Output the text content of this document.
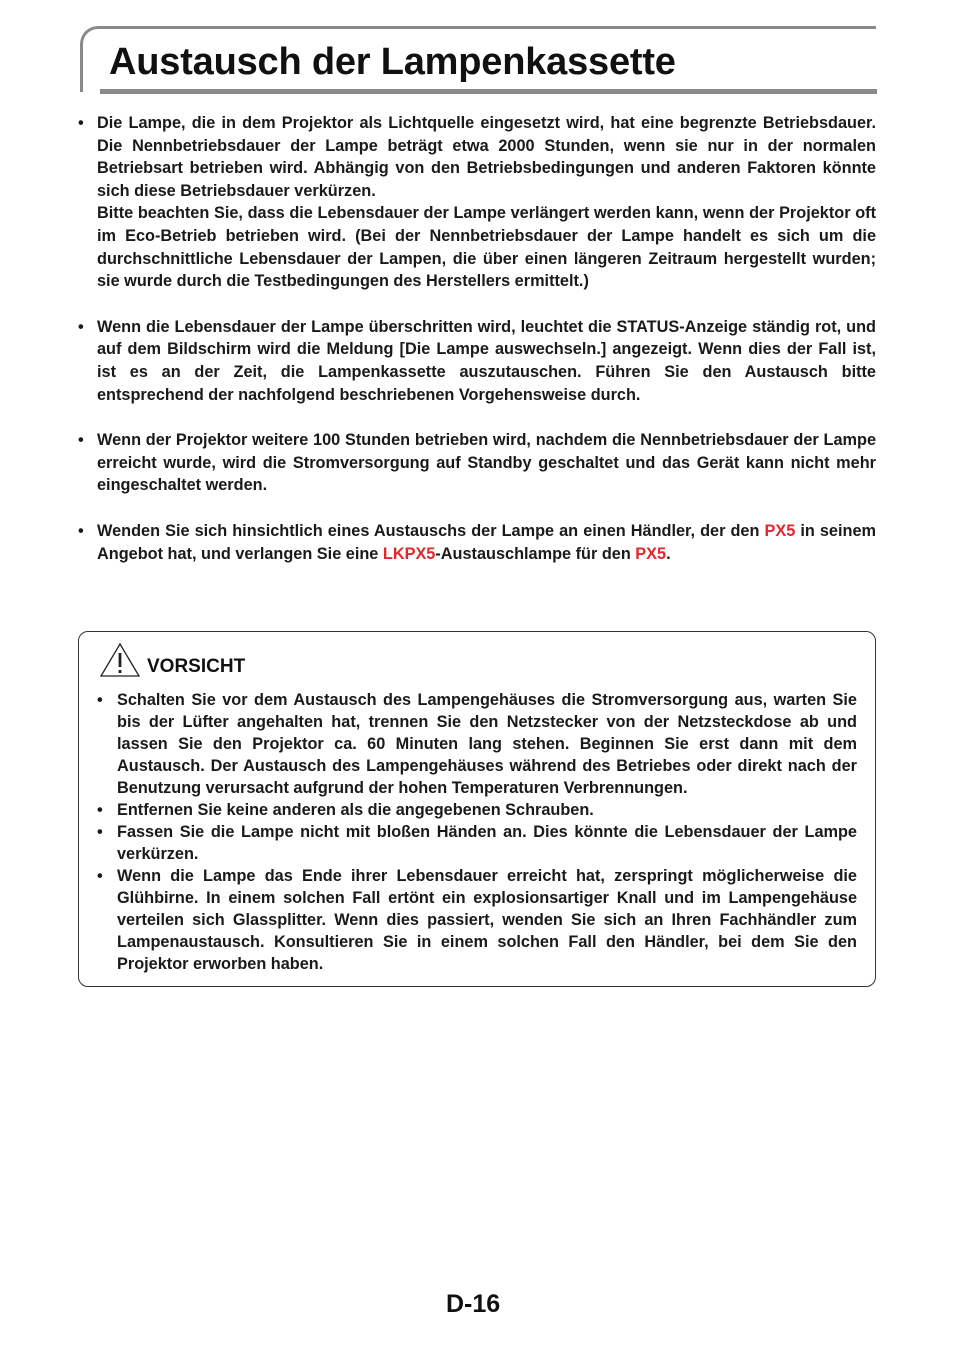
Austausch der Lampenkassette
• Die Lampe, die in dem Projektor als Lichtquelle eingesetzt wird, hat eine begrenzte Betriebsdauer. Die Nennbetriebsdauer der Lampe beträgt etwa 2000 Stunden, wenn sie nur in der normalen Betriebsart betrieben wird. Abhängig von den Betriebsbedingungen und anderen Faktoren könnte sich diese Betriebsdauer verkürzen.

Bitte beachten Sie, dass die Lebensdauer der Lampe verlängert werden kann, wenn der Projektor oft im Eco-Betrieb betrieben wird. (Bei der Nennbetriebsdauer der Lampe handelt es sich um die durchschnittliche Lebensdauer der Lampen, die über einen längeren Zeitraum hergestellt wurden; sie wurde durch die Testbedingungen des Herstellers ermittelt.)

• Wenn die Lebensdauer der Lampe überschritten wird, leuchtet die STATUS-Anzeige ständig rot, und auf dem Bildschirm wird die Meldung [Die Lampe auswechseln.] angezeigt. Wenn dies der Fall ist, ist es an der Zeit, die Lampenkassette auszutauschen. Führen Sie den Austausch bitte entsprechend der nachfolgend beschriebenen Vorgehensweise durch.

• Wenn der Projektor weitere 100 Stunden betrieben wird, nachdem die Nennbetriebsdauer der Lampe erreicht wurde, wird die Stromversorgung auf Standby geschaltet und das Gerät kann nicht mehr eingeschaltet werden.

• Wenden Sie sich hinsichtlich eines Austauschs der Lampe an einen Händler, der den PX5 in seinem Angebot hat, und verlangen Sie eine LKPX5-Austauschlampe für den PX5.

VORSICHT
• Schalten Sie vor dem Austausch des Lampengehäuses die Stromversorgung aus, warten Sie bis der Lüfter angehalten hat, trennen Sie den Netzstecker von der Netzsteckdose ab und lassen Sie den Projektor ca. 60 Minuten lang stehen. Beginnen Sie erst dann mit dem Austausch. Der Austausch des Lampengehäuses während des Betriebes oder direkt nach der Benutzung verursacht aufgrund der hohen Temperaturen Verbrennungen.
• Entfernen Sie keine anderen als die angegebenen Schrauben.
• Fassen Sie die Lampe nicht mit bloßen Händen an. Dies könnte die Lebensdauer der Lampe verkürzen.
• Wenn die Lampe das Ende ihrer Lebensdauer erreicht hat, zerspringt möglicherweise die Glühbirne. In einem solchen Fall ertönt ein explosionsartiger Knall und im Lampengehäuse verteilen sich Glassplitter. Wenn dies passiert, wenden Sie sich an Ihren Fachhändler zum Lampenaustausch. Konsultieren Sie in einem solchen Fall den Händler, bei dem Sie den Projektor erworben haben.
D-16
